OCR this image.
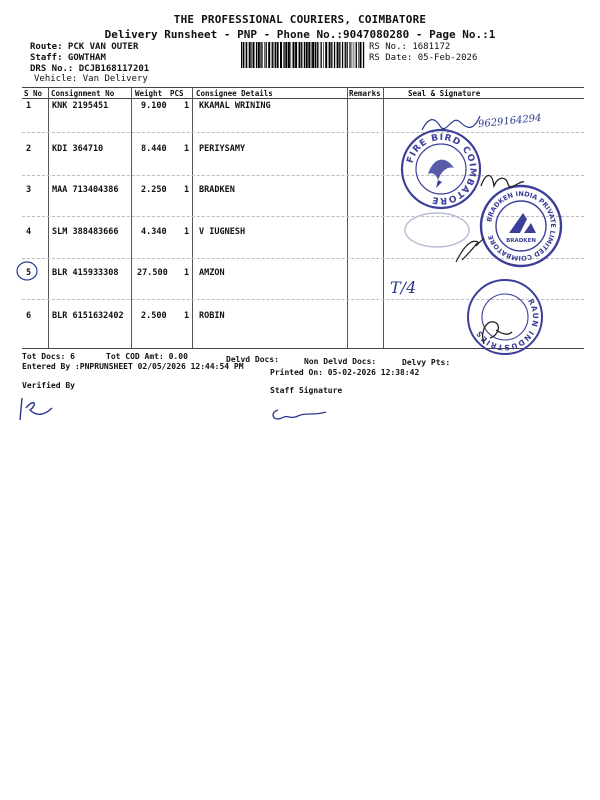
THE PROFESSIONAL COURIERS, COIMBATORE
Delivery Runsheet - PNP - Phone No.:9047080280 - Page No.:1
Route: PCK VAN OUTER
Staff: GOWTHAM
DRS No.: DCJB168117201
Vehicle: Van Delivery
RS No.: 1681172
RS Date: 05-Feb-2026
S No Consignment No	Weight PCS Consignee Details	Remarks	Seal & Signature
1 KNK 2195451	9.100 1 KKAMAL WRINING
2 KDI 364710	8.440 1 PERIYSAMY
3 MAA 713404386	2.250 1 BRADKEN
4 SLM 388483666	4.340 1 V IUGNESH
5 BLR 415933308 27.500 1 AMZON
6 BLR 6151632402 2.500 1 ROBIN
FIRE BIRD COIMBATORE
BRADKEN INDIA PRIVATE LIMITED COIMBATORE
BRADKEN
RAUN INDUSTRIES
9629164294
T/4
Tot Docs: 6	Tot COD Amt: 0.00	Delvd Docs:	Non Delvd Docs:	Delvy Pts:
Entered By :PNPRUNSHEET 02/05/2026 12:44:54 PM
Printed On: 05-02-2026 12:38:42
Verified By
Staff Signature
